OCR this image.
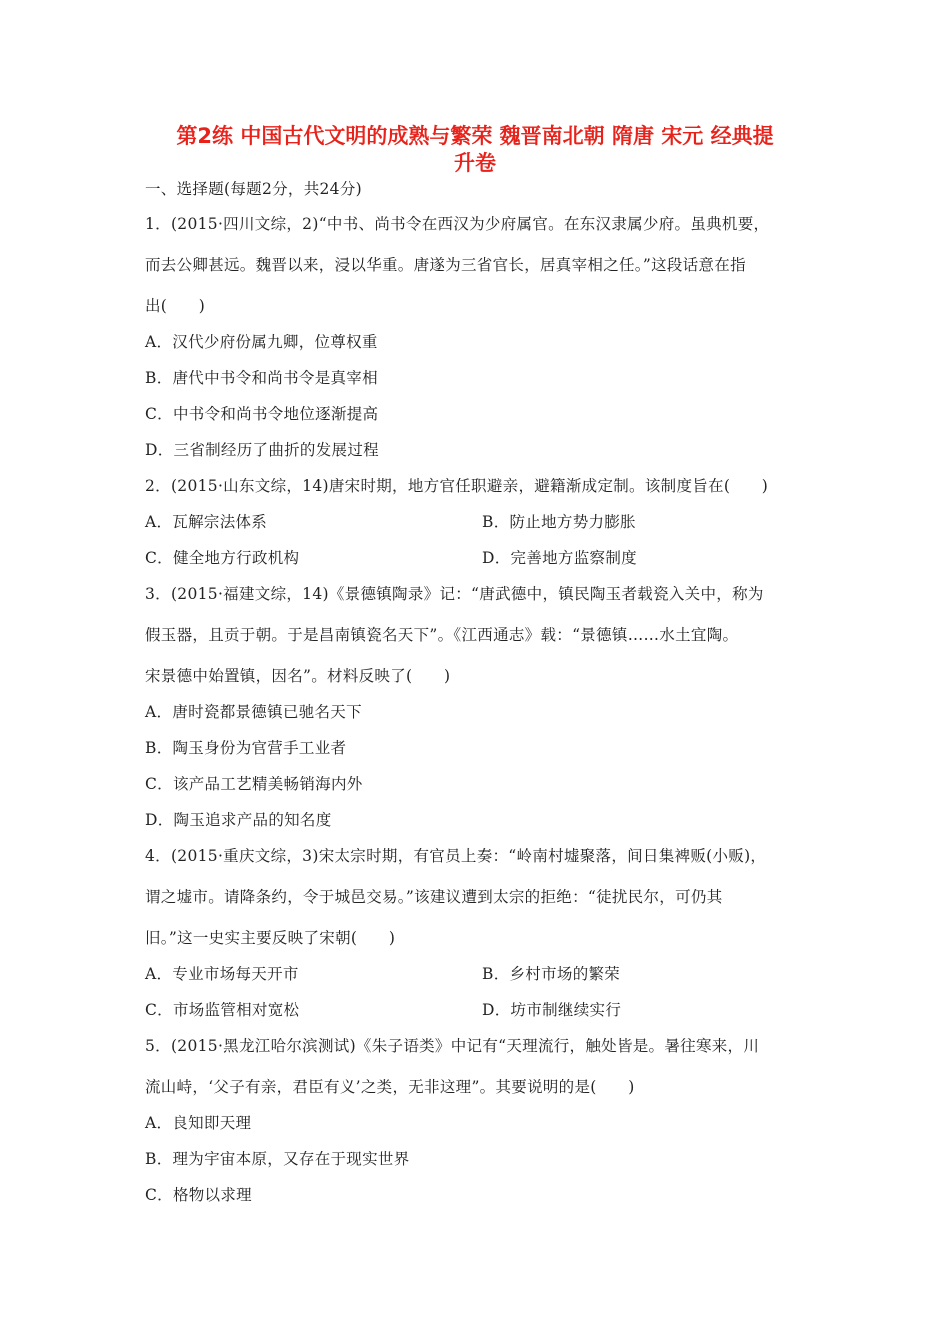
第2练 中国古代文明的成熟与繁荣 魏晋南北朝 隋唐 宋元 经典提
升卷
一、选择题(每题2分，共24分)
1．(2015·四川文综，2)“中书、尚书令在西汉为少府属官。在东汉隶属少府。虽典机要，
而去公卿甚远。魏晋以来，浸以华重。唐遂为三省官长，居真宰相之任。”这段话意在指
出(　　)
A．汉代少府份属九卿，位尊权重
B．唐代中书令和尚书令是真宰相
C．中书令和尚书令地位逐渐提高
D．三省制经历了曲折的发展过程
2．(2015·山东文综，14)唐宋时期，地方官任职避亲，避籍渐成定制。该制度旨在(　　)
A．瓦解宗法体系	B．防止地方势力膨胀
C．健全地方行政机构	D．完善地方监察制度
3．(2015·福建文综，14)《景德镇陶录》记：“唐武德中，镇民陶玉者载瓷入关中，称为
假玉器，且贡于朝。于是昌南镇瓷名天下”。《江西通志》载：“景德镇……水土宜陶。
宋景德中始置镇，因名”。材料反映了(　　)
A．唐时瓷都景德镇已驰名天下
B．陶玉身份为官营手工业者
C．该产品工艺精美畅销海内外
D．陶玉追求产品的知名度
4．(2015·重庆文综，3)宋太宗时期，有官员上奏：“岭南村墟聚落，间日集裨贩(小贩)，
谓之墟市。请降条约，令于城邑交易。”该建议遭到太宗的拒绝：“徒扰民尔，可仍其
旧。”这一史实主要反映了宋朝(　　)
A．专业市场每天开市	B．乡村市场的繁荣
C．市场监管相对宽松	D．坊市制继续实行
5．(2015·黑龙江哈尔滨测试)《朱子语类》中记有“天理流行，触处皆是。暑往寒来，川
流山峙，‘父子有亲，君臣有义’之类，无非这理”。其要说明的是(　　)
A．良知即天理
B．理为宇宙本原，又存在于现实世界
C．格物以求理
